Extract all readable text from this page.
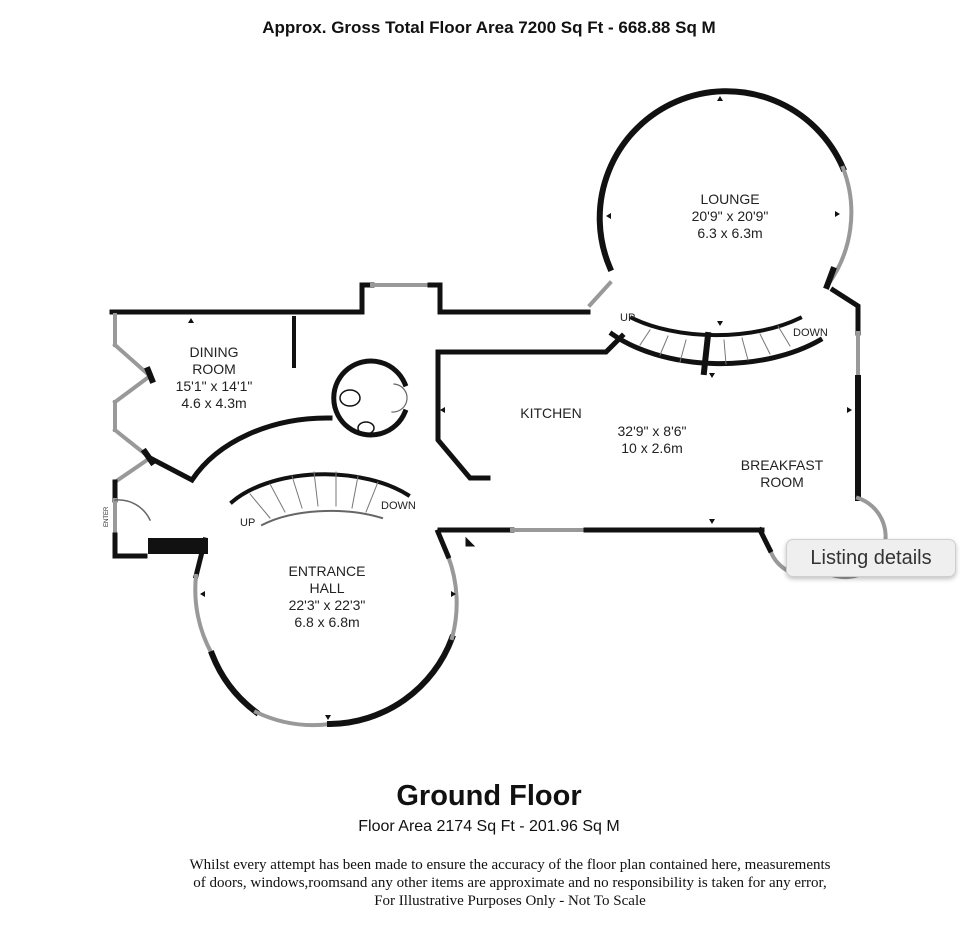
Approx. Gross Total Floor Area 7200 Sq Ft - 668.88 Sq M
LOUNGE
20'9" x 20'9"
6.3 x 6.3m
DINING
ROOM
15'1" x 14'1"
4.6 x 4.3m
KITCHEN
32'9" x 8'6"
10 x 2.6m
BREAKFAST
ROOM
ENTRANCE
HALL
22'3" x 22'3"
6.8 x 6.8m
UP
DOWN
UP
DOWN
ENTER
Ground Floor
Floor Area 2174 Sq Ft - 201.96 Sq M
Whilst every attempt has been made to ensure the accuracy of the floor plan contained here, measurements
of doors, windows,roomsand any other items are approximate and no responsibility is taken for any error,
For Illustrative Purposes Only - Not To Scale
Listing details
